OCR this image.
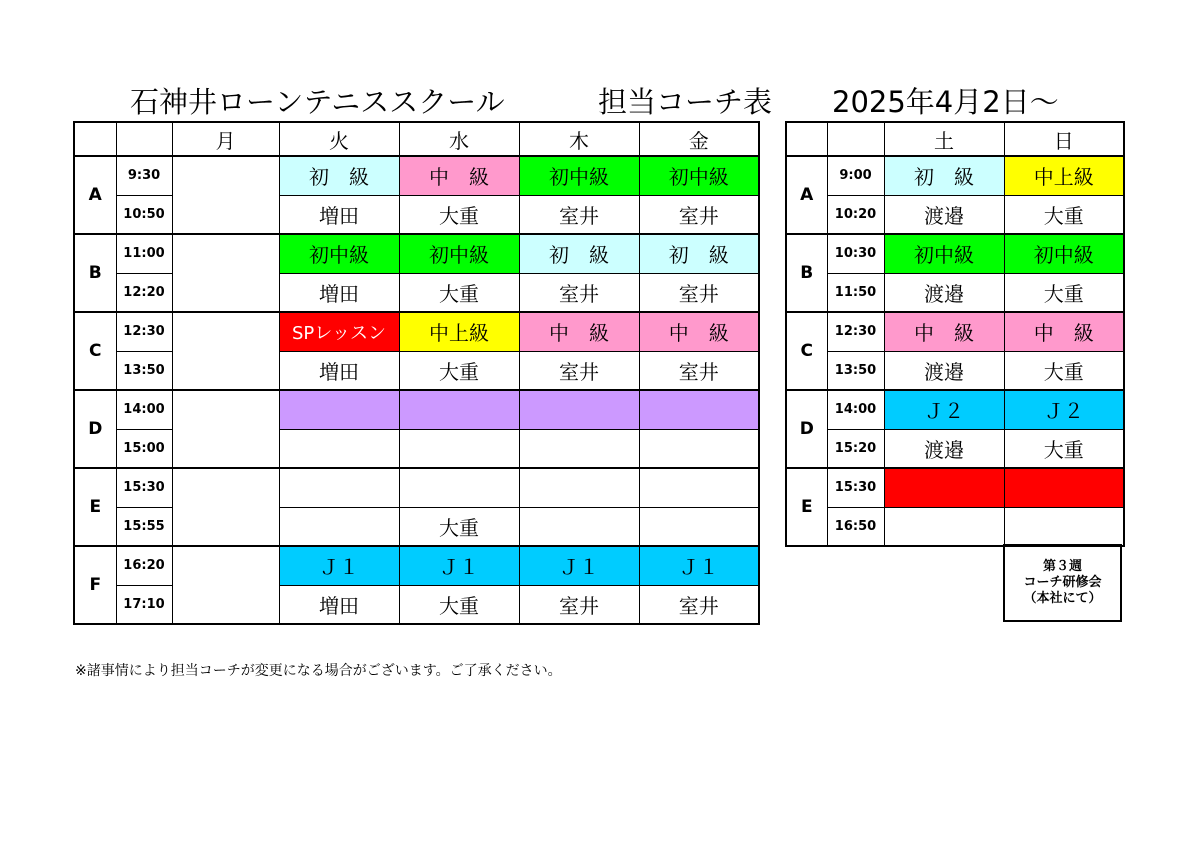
石神井ローンテニススクール	担当コーチ表 2025年4月2日～
		月	火	水	木	金
A	9:30		初　級	中　級	初中級	初中級
	10:50		増田	大重	室井	室井
B	11:00		初中級	初中級	初　級	初　級
	12:20		増田	大重	室井	室井
C	12:30		SPレッスン	中上級	中　級	中　級
	13:50		増田	大重	室井	室井
D	14:00					
	15:00					
E	15:30					
	15:55			大重		
F	16:20		Ｊ１	Ｊ１	Ｊ１	Ｊ１
	17:10		増田	大重	室井	室井
		土	日
A	9:00	初　級	中上級
	10:20	渡邉	大重
B	10:30	初中級	初中級
	11:50	渡邉	大重
C	12:30	中　級	中　級
	13:50	渡邉	大重
D	14:00	Ｊ２	Ｊ２
	15:20	渡邉	大重
E	15:30		
	16:50		
第３週
コーチ研修会
（本社にて）
※諸事情により担当コーチが変更になる場合がございます。ご了承ください。
